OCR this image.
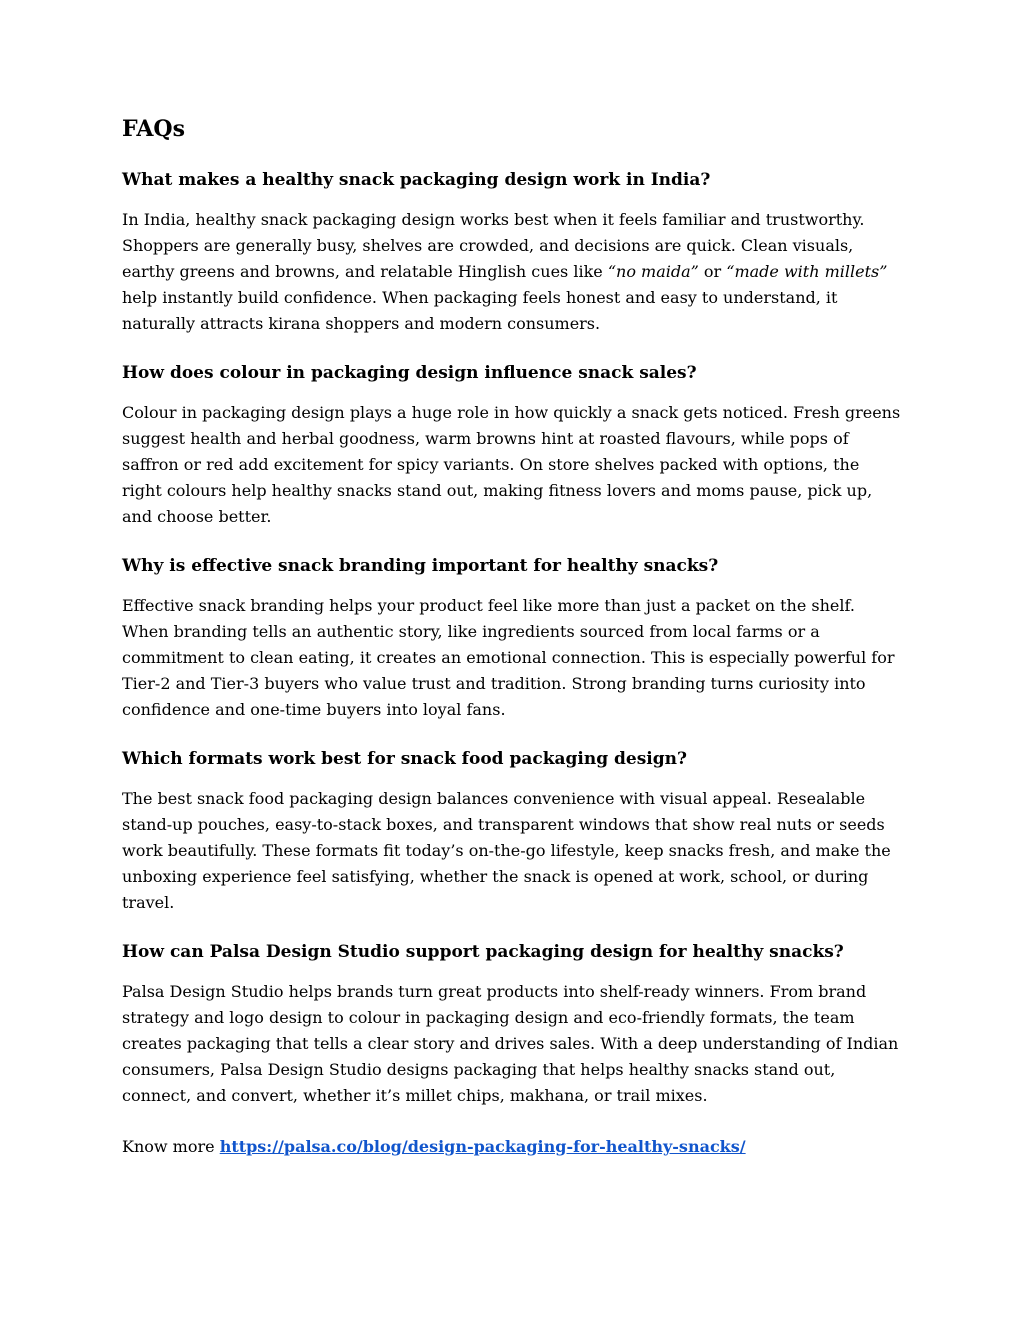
FAQs
What makes a healthy snack packaging design work in India?

In India, healthy snack packaging design works best when it feels familiar and trustworthy. Shoppers are generally busy, shelves are crowded, and decisions are quick. Clean visuals, earthy greens and browns, and relatable Hinglish cues like “no maida” or “made with millets” help instantly build confidence. When packaging feels honest and easy to understand, it naturally attracts kirana shoppers and modern consumers.

How does colour in packaging design influence snack sales?

Colour in packaging design plays a huge role in how quickly a snack gets noticed. Fresh greens suggest health and herbal goodness, warm browns hint at roasted flavours, while pops of saffron or red add excitement for spicy variants. On store shelves packed with options, the right colours help healthy snacks stand out, making fitness lovers and moms pause, pick up, and choose better.

Why is effective snack branding important for healthy snacks?

Effective snack branding helps your product feel like more than just a packet on the shelf. When branding tells an authentic story, like ingredients sourced from local farms or a commitment to clean eating, it creates an emotional connection. This is especially powerful for Tier-2 and Tier-3 buyers who value trust and tradition. Strong branding turns curiosity into confidence and one-time buyers into loyal fans.

Which formats work best for snack food packaging design?

The best snack food packaging design balances convenience with visual appeal. Resealable stand-up pouches, easy-to-stack boxes, and transparent windows that show real nuts or seeds work beautifully. These formats fit today’s on-the-go lifestyle, keep snacks fresh, and make the unboxing experience feel satisfying, whether the snack is opened at work, school, or during travel.

How can Palsa Design Studio support packaging design for healthy snacks?

Palsa Design Studio helps brands turn great products into shelf-ready winners. From brand strategy and logo design to colour in packaging design and eco-friendly formats, the team creates packaging that tells a clear story and drives sales. With a deep understanding of Indian consumers, Palsa Design Studio designs packaging that helps healthy snacks stand out, connect, and convert, whether it’s millet chips, makhana, or trail mixes.

Know more https://palsa.co/blog/design-packaging-for-healthy-snacks/
